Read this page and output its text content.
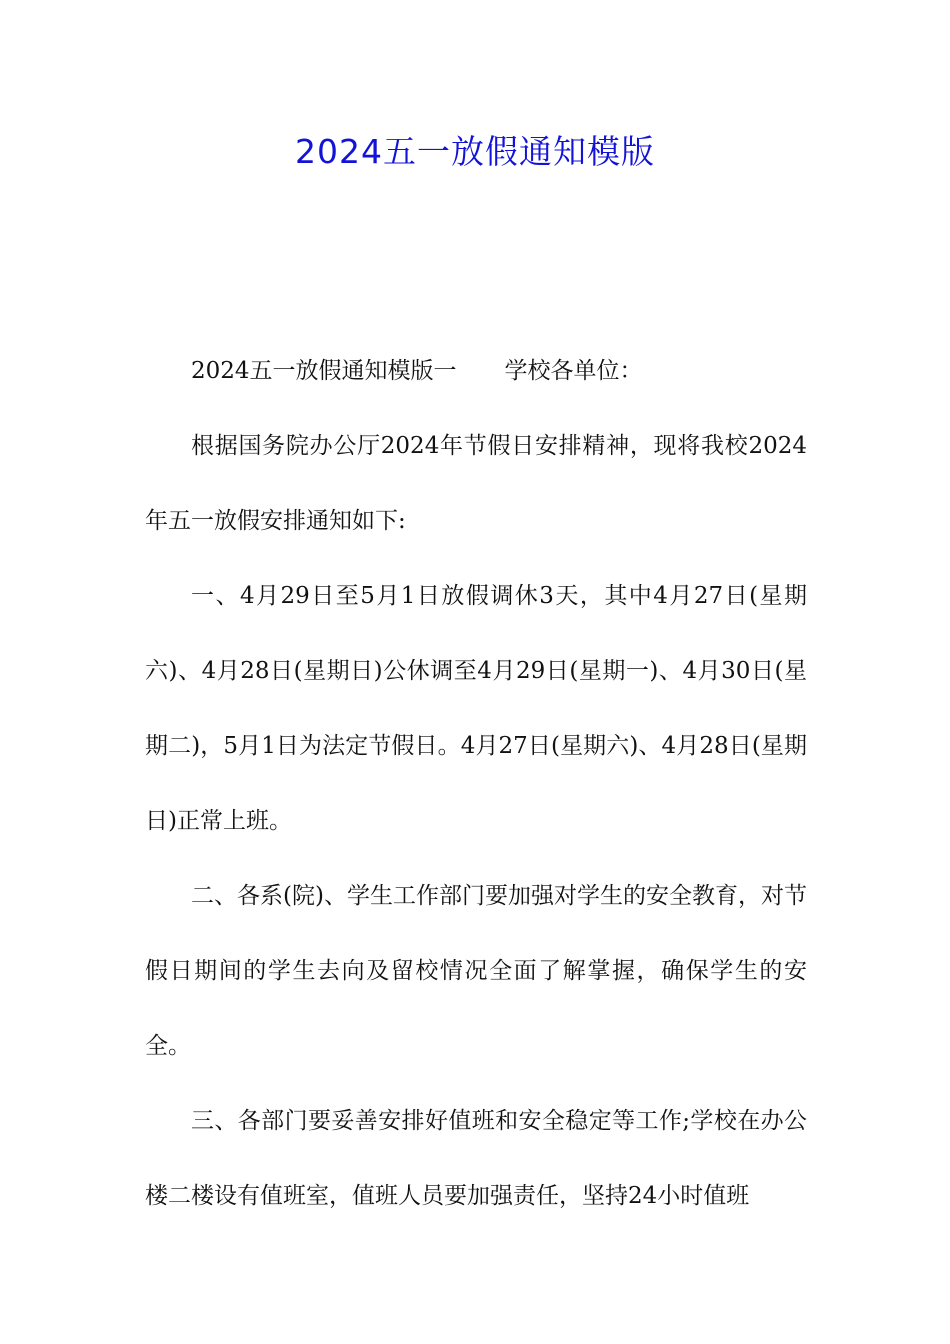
2024五一放假通知模版

2024五一放假通知模版一 学校各单位：

根据国务院办公厅2024年节假日安排精神，现将我校2024年五一放假安排通知如下:

一、4月29日至5月1日放假调休3天，其中4月27日(星期六)、4月28日(星期日)公休调至4月29日(星期一)、4月30日(星期二)，5月1日为法定节假日。4月27日(星期六)、4月28日(星期日)正常上班。

二、各系(院)、学生工作部门要加强对学生的安全教育，对节假日期间的学生去向及留校情况全面了解掌握，确保学生的安全。

三、各部门要妥善安排好值班和安全稳定等工作;学校在办公楼二楼设有值班室，值班人员要加强责任，坚持24小时值班
